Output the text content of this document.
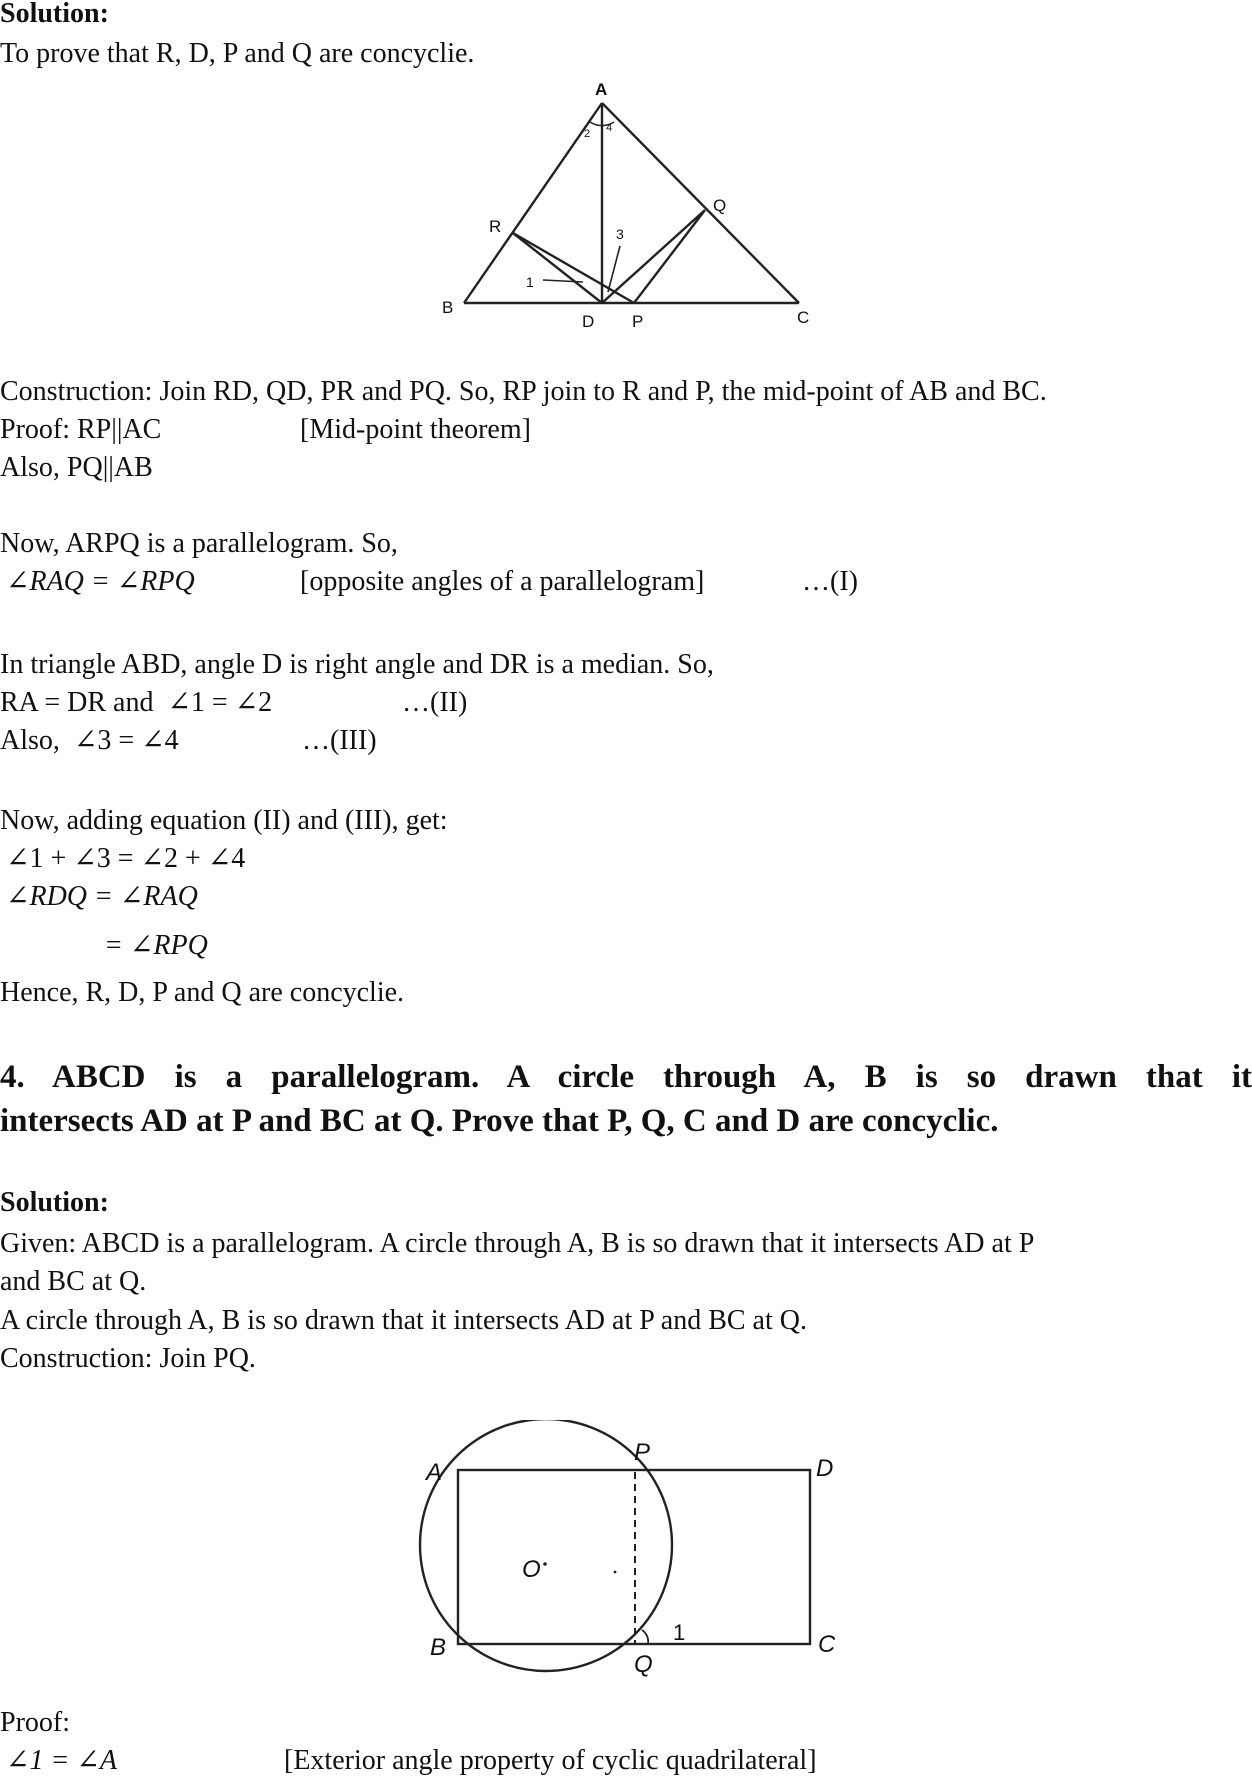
Solution:
To prove that R, D, P and Q are concyclie.
A
B
C
D P
Q
R
1
2
3
4
Construction: Join RD, QD, PR and PQ. So, RP join to R and P, the mid-point of AB and BC.
Proof: RP||AC	[Mid-point theorem]
Also, PQ||AB
Now, ARPQ is a parallelogram. So,
∠RAQ = ∠RPQ	[opposite angles of a parallelogram]	…(I)
In triangle ABD, angle D is right angle and DR is a median. So,
RA = DR and  ∠1 = ∠2	…(II)
Also,  ∠3 = ∠4	…(III)
Now, adding equation (II) and (III), get:
∠1 + ∠3 = ∠2 + ∠4
∠RDQ = ∠RAQ
= ∠RPQ
Hence, R, D, P and Q are concyclie.
4. ABCD is a parallelogram. A circle through A, B is so drawn that it
intersects AD at P and BC at Q. Prove that P, Q, C and D are concyclic.
Solution:
Given: ABCD is a parallelogram. A circle through A, B is so drawn that it intersects AD at P
and BC at Q.
A circle through A, B is so drawn that it intersects AD at P and BC at Q.
Construction: Join PQ.
A
B	C
D
P
Q
O
1
Proof:
∠1 = ∠A	[Exterior angle property of cyclic quadrilateral]
